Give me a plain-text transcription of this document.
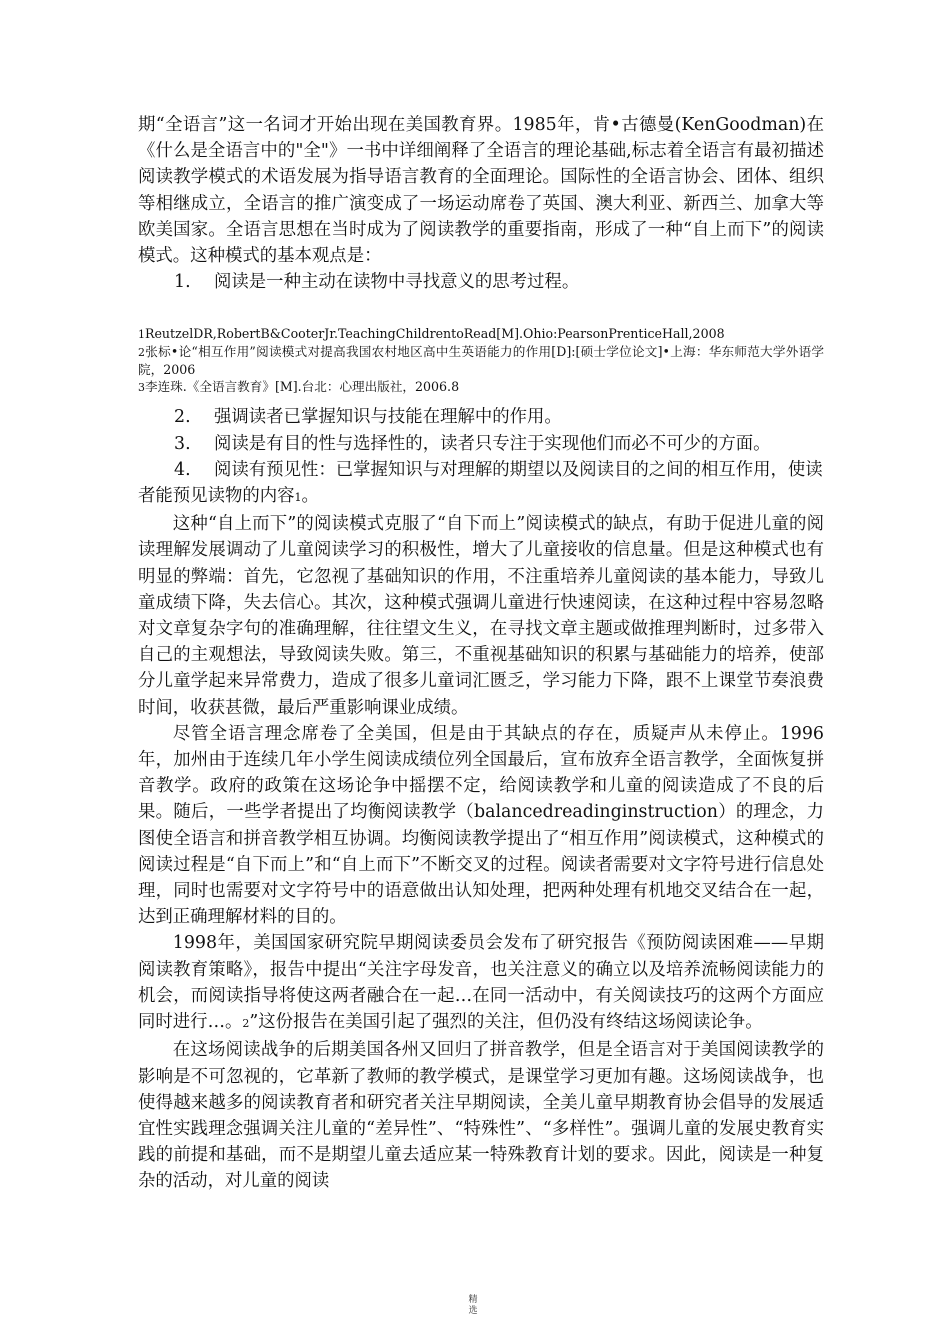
期“全语言”这一名词才开始出现在美国教育界。1985年，肯•古德曼(KenGoodman)在《什么是全语言中的"全"》一书中详细阐释了全语言的理论基础,标志着全语言有最初描述阅读教学模式的术语发展为指导语言教育的全面理论。国际性的全语言协会、团体、组织等相继成立，全语言的推广演变成了一场运动席卷了英国、澳大利亚、新西兰、加拿大等欧美国家。全语言思想在当时成为了阅读教学的重要指南，形成了一种“自上而下”的阅读模式。这种模式的基本观点是：

1.	阅读是一种主动在读物中寻找意义的思考过程。

1ReutzelDR,RobertB&CooterJr.TeachingChildrentoRead[M].Ohio:PearsonPrenticeHall,2008

2张标•论“相互作用”阅读模式对提高我国农村地区高中生英语能力的作用[D]:[硕士学位论文]•上海：华东师范大学外语学院，2006

3李连珠.《全语言教育》[M].台北：心理出版社，2006.8

2.	强调读者已掌握知识与技能在理解中的作用。
3.	阅读是有目的性与选择性的，读者只专注于实现他们而必不可少的方面。
4. 阅读有预见性：已掌握知识与对理解的期望以及阅读目的之间的相互作用，使读者能预见读物的内容1。

这种“自上而下”的阅读模式克服了“自下而上”阅读模式的缺点，有助于促进儿童的阅读理解发展调动了儿童阅读学习的积极性，增大了儿童接收的信息量。但是这种模式也有明显的弊端：首先，它忽视了基础知识的作用，不注重培养儿童阅读的基本能力，导致儿童成绩下降，失去信心。其次，这种模式强调儿童进行快速阅读，在这种过程中容易忽略对文章复杂字句的准确理解，往往望文生义，在寻找文章主题或做推理判断时，过多带入自己的主观想法，导致阅读失败。第三，不重视基础知识的积累与基础能力的培养，使部分儿童学起来异常费力，造成了很多儿童词汇匮乏，学习能力下降，跟不上课堂节奏浪费时间，收获甚微，最后严重影响课业成绩。

尽管全语言理念席卷了全美国，但是由于其缺点的存在，质疑声从未停止。1996年，加州由于连续几年小学生阅读成绩位列全国最后，宣布放弃全语言教学，全面恢复拼音教学。政府的政策在这场论争中摇摆不定，给阅读教学和儿童的阅读造成了不良的后果。随后，一些学者提出了均衡阅读教学（balancedreadinginstruction）的理念，力图使全语言和拼音教学相互协调。均衡阅读教学提出了“相互作用”阅读模式，这种模式的阅读过程是“自下而上”和“自上而下”不断交叉的过程。阅读者需要对文字符号进行信息处理，同时也需要对文字符号中的语意做出认知处理，把两种处理有机地交叉结合在一起，达到正确理解材料的目的。

1998年，美国国家研究院早期阅读委员会发布了研究报告《预防阅读困难——早期阅读教育策略》，报告中提出“关注字母发音，也关注意义的确立以及培养流畅阅读能力的机会，而阅读指导将使这两者融合在一起…在同一活动中，有关阅读技巧的这两个方面应同时进行…。2”这份报告在美国引起了强烈的关注，但仍没有终结这场阅读论争。

在这场阅读战争的后期美国各州又回归了拼音教学，但是全语言对于美国阅读教学的影响是不可忽视的，它革新了教师的教学模式，是课堂学习更加有趣。这场阅读战争，也使得越来越多的阅读教育者和研究者关注早期阅读，全美儿童早期教育协会倡导的发展适宜性实践理念强调关注儿童的“差异性”、“特殊性”、“多样性”。强调儿童的发展史教育实践的前提和基础，而不是期望儿童去适应某一特殊教育计划的要求。因此，阅读是一种复杂的活动，对儿童的阅读

精
选
